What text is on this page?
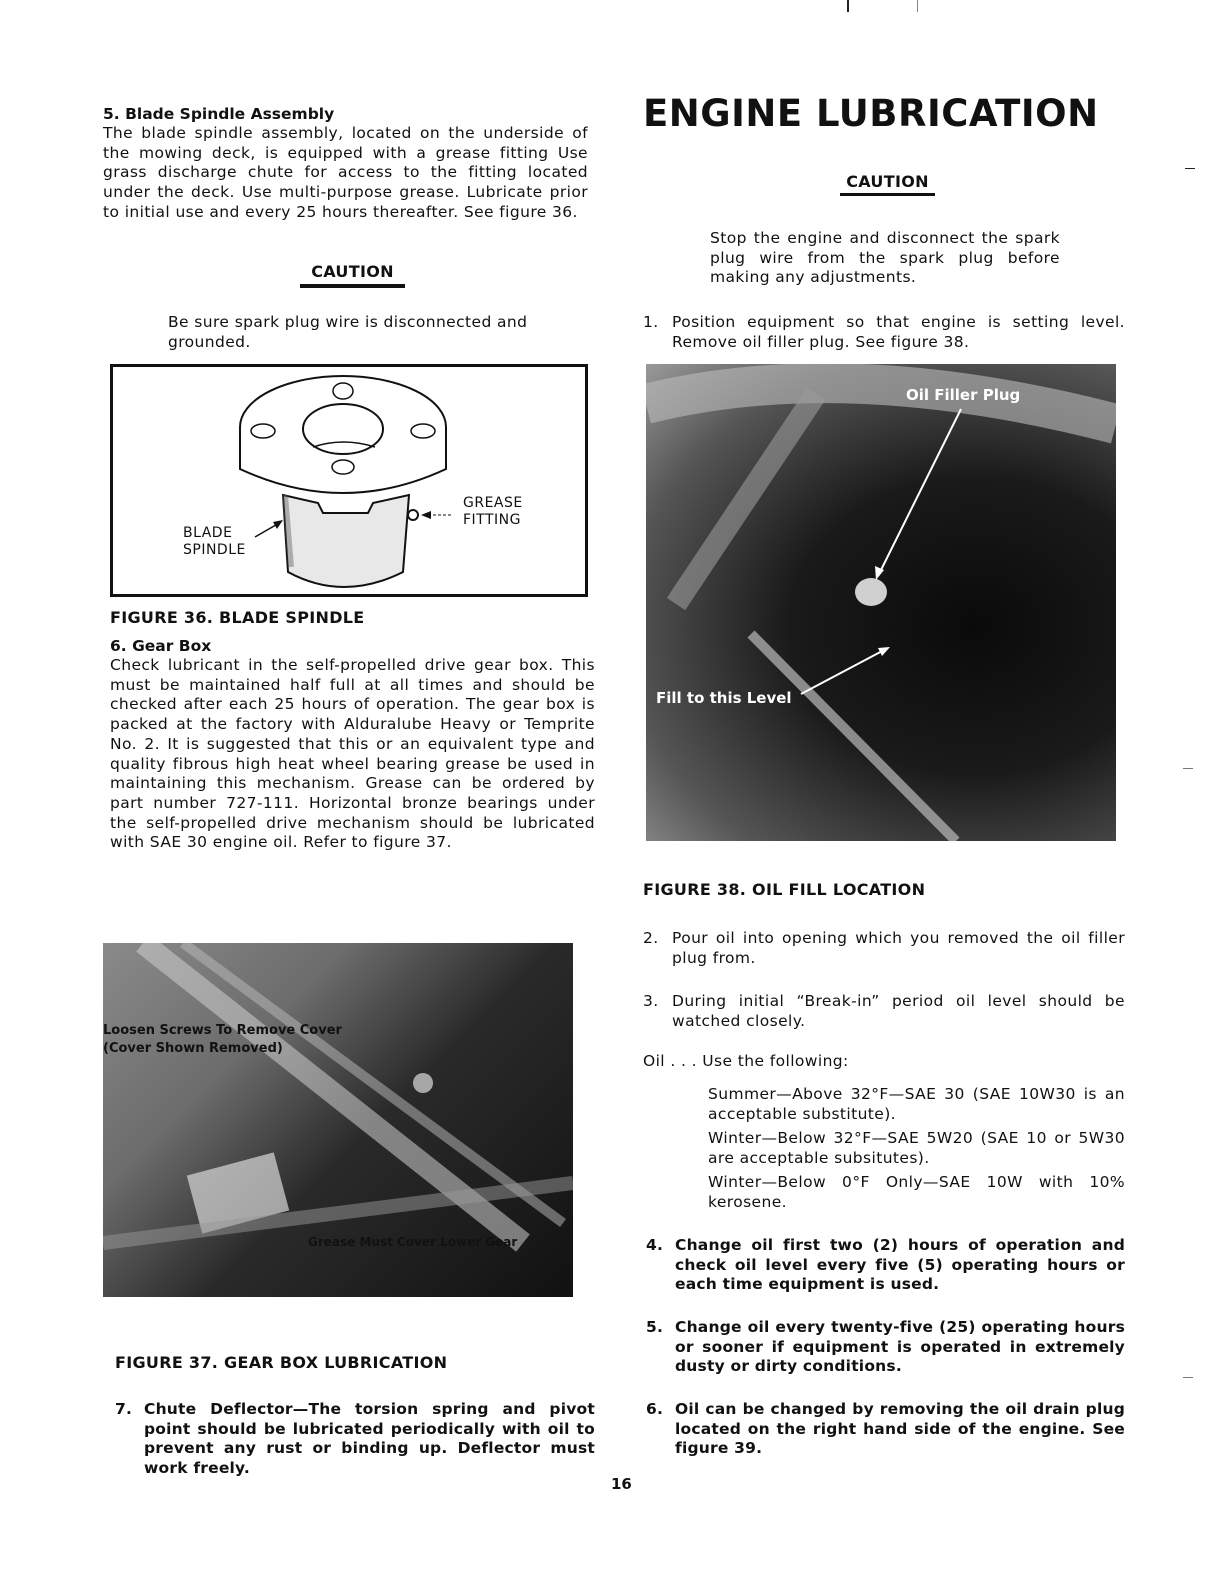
5. Blade Spindle Assembly
The blade spindle assembly, located on the underside of the mowing deck, is equipped with a grease fitting Use grass discharge chute for access to the fitting located under the deck. Use multi-purpose grease. Lubricate prior to initial use and every 25 hours thereafter. See figure 36.
CAUTION
Be sure spark plug wire is disconnected and grounded.
BLADE
SPINDLE
GREASE
FITTING
FIGURE 36. BLADE SPINDLE
6. Gear Box
Check lubricant in the self-propelled drive gear box. This must be maintained half full at all times and should be checked after each 25 hours of operation. The gear box is packed at the factory with Alduralube Heavy or Temprite No. 2. It is suggested that this or an equivalent type and quality fibrous high heat wheel bearing grease be used in maintaining this mechanism. Grease can be ordered by part number 727-111. Horizontal bronze bearings under the self-propelled drive mechanism should be lubricated with SAE 30 engine oil. Refer to figure 37.
Loosen Screws To Remove Cover
(Cover Shown Removed)
Grease Must Cover Lower Gear
FIGURE 37. GEAR BOX LUBRICATION
7. Chute Deflector—The torsion spring and pivot point should be lubricated periodically with oil to prevent any rust or binding up. Deflector must work freely.
ENGINE LUBRICATION
CAUTION
Stop the engine and disconnect the spark plug wire from the spark plug before making any adjustments.
1. Position equipment so that engine is setting level. Remove oil filler plug. See figure 38.
Oil Filler Plug
Fill to this Level
FIGURE 38. OIL FILL LOCATION
2. Pour oil into opening which you removed the oil filler plug from.
3. During initial “Break-in” period oil level should be watched closely.
Oil . . . Use the following:
Summer—Above 32°F—SAE 30 (SAE 10W30 is an acceptable substitute).
Winter—Below 32°F—SAE 5W20 (SAE 10 or 5W30 are acceptable subsitutes).
Winter—Below 0°F Only—SAE 10W with 10% kerosene.
4. Change oil first two (2) hours of operation and check oil level every five (5) operating hours or each time equipment is used.
5. Change oil every twenty-five (25) operating hours or sooner if equipment is operated in extremely dusty or dirty conditions.
6. Oil can be changed by removing the oil drain plug located on the right hand side of the engine. See figure 39.
16
